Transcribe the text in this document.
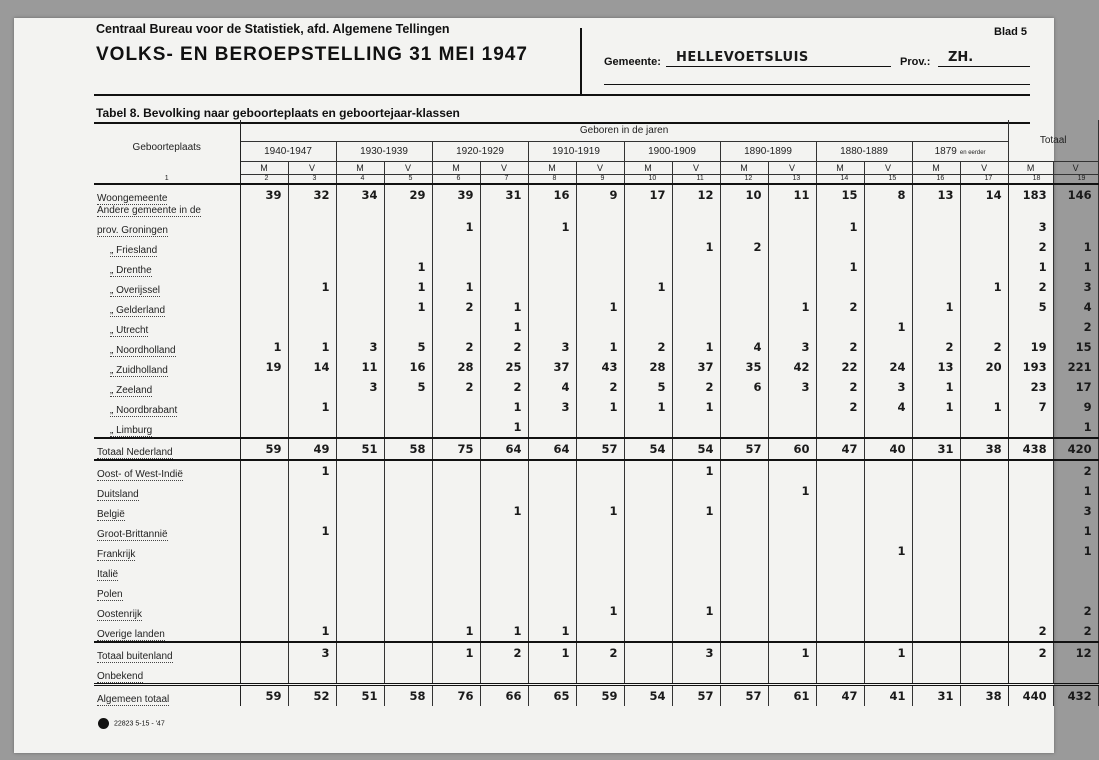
Centraal Bureau voor de Statistiek, afd. Algemene Tellingen
VOLKS- EN BEROEPSTELLING 31 MEI 1947
Blad 5
Gemeente: HELLEVOETSLUIS	Prov.: ZH.
Tabel 8. Bevolking naar geboorteplaats en geboortejaar-klassen
Geboorteplaats	Geboren in de jaren																Totaal	
	1940-1947		1930-1939		1920-1929		1910-1919		1900-1909		1890-1899		1880-1889		1879 en eerder			
	M	V	M	V	M	V	M	V	M	V	M	V	M	V	M	V	M	V
1	2	3	4	5	6	7	8	9	10	11	12	13	14	15	16	17	18	19
Woongemeente	39	32	34	29	39	31	16	9	17	12	10	11	15	8	13	14	183	146
Andere gemeente in de																		
prov. Groningen					1		1						1				3	
„ Friesland										1	2						2	1
„ Drenthe				1									1				1	1
„ Overijssel		1		1	1				1							1	2	3
„ Gelderland				1	2	1		1				1	2		1		5	4
„ Utrecht						1								1				2
„ Noordholland	1	1	3	5	2	2	3	1	2	1	4	3	2		2	2	19	15
„ Zuidholland	19	14	11	16	28	25	37	43	28	37	35	42	22	24	13	20	193	221
„ Zeeland			3	5	2	2	4	2	5	2	6	3	2	3	1		23	17
„ Noordbrabant		1				1	3	1	1	1			2	4	1	1	7	9
„ Limburg						1												1
Totaal Nederland	59	49	51	58	75	64	64	57	54	54	57	60	47	40	31	38	438	420
Oost- of West-Indië		1								1								2
Duitsland												1						1
België						1		1		1								3
Groot-Brittannië		1																1
Frankrijk														1				1
Italië																		
Polen																		
Oostenrijk								1		1								2
Overige landen		1			1	1	1										2	2
Totaal buitenland		3			1	2	1	2		3		1		1			2	12
Onbekend																		
Algemeen totaal	59	52	51	58	76	66	65	59	54	57	57	61	47	41	31	38	440	432
22823 5-15 - '47
